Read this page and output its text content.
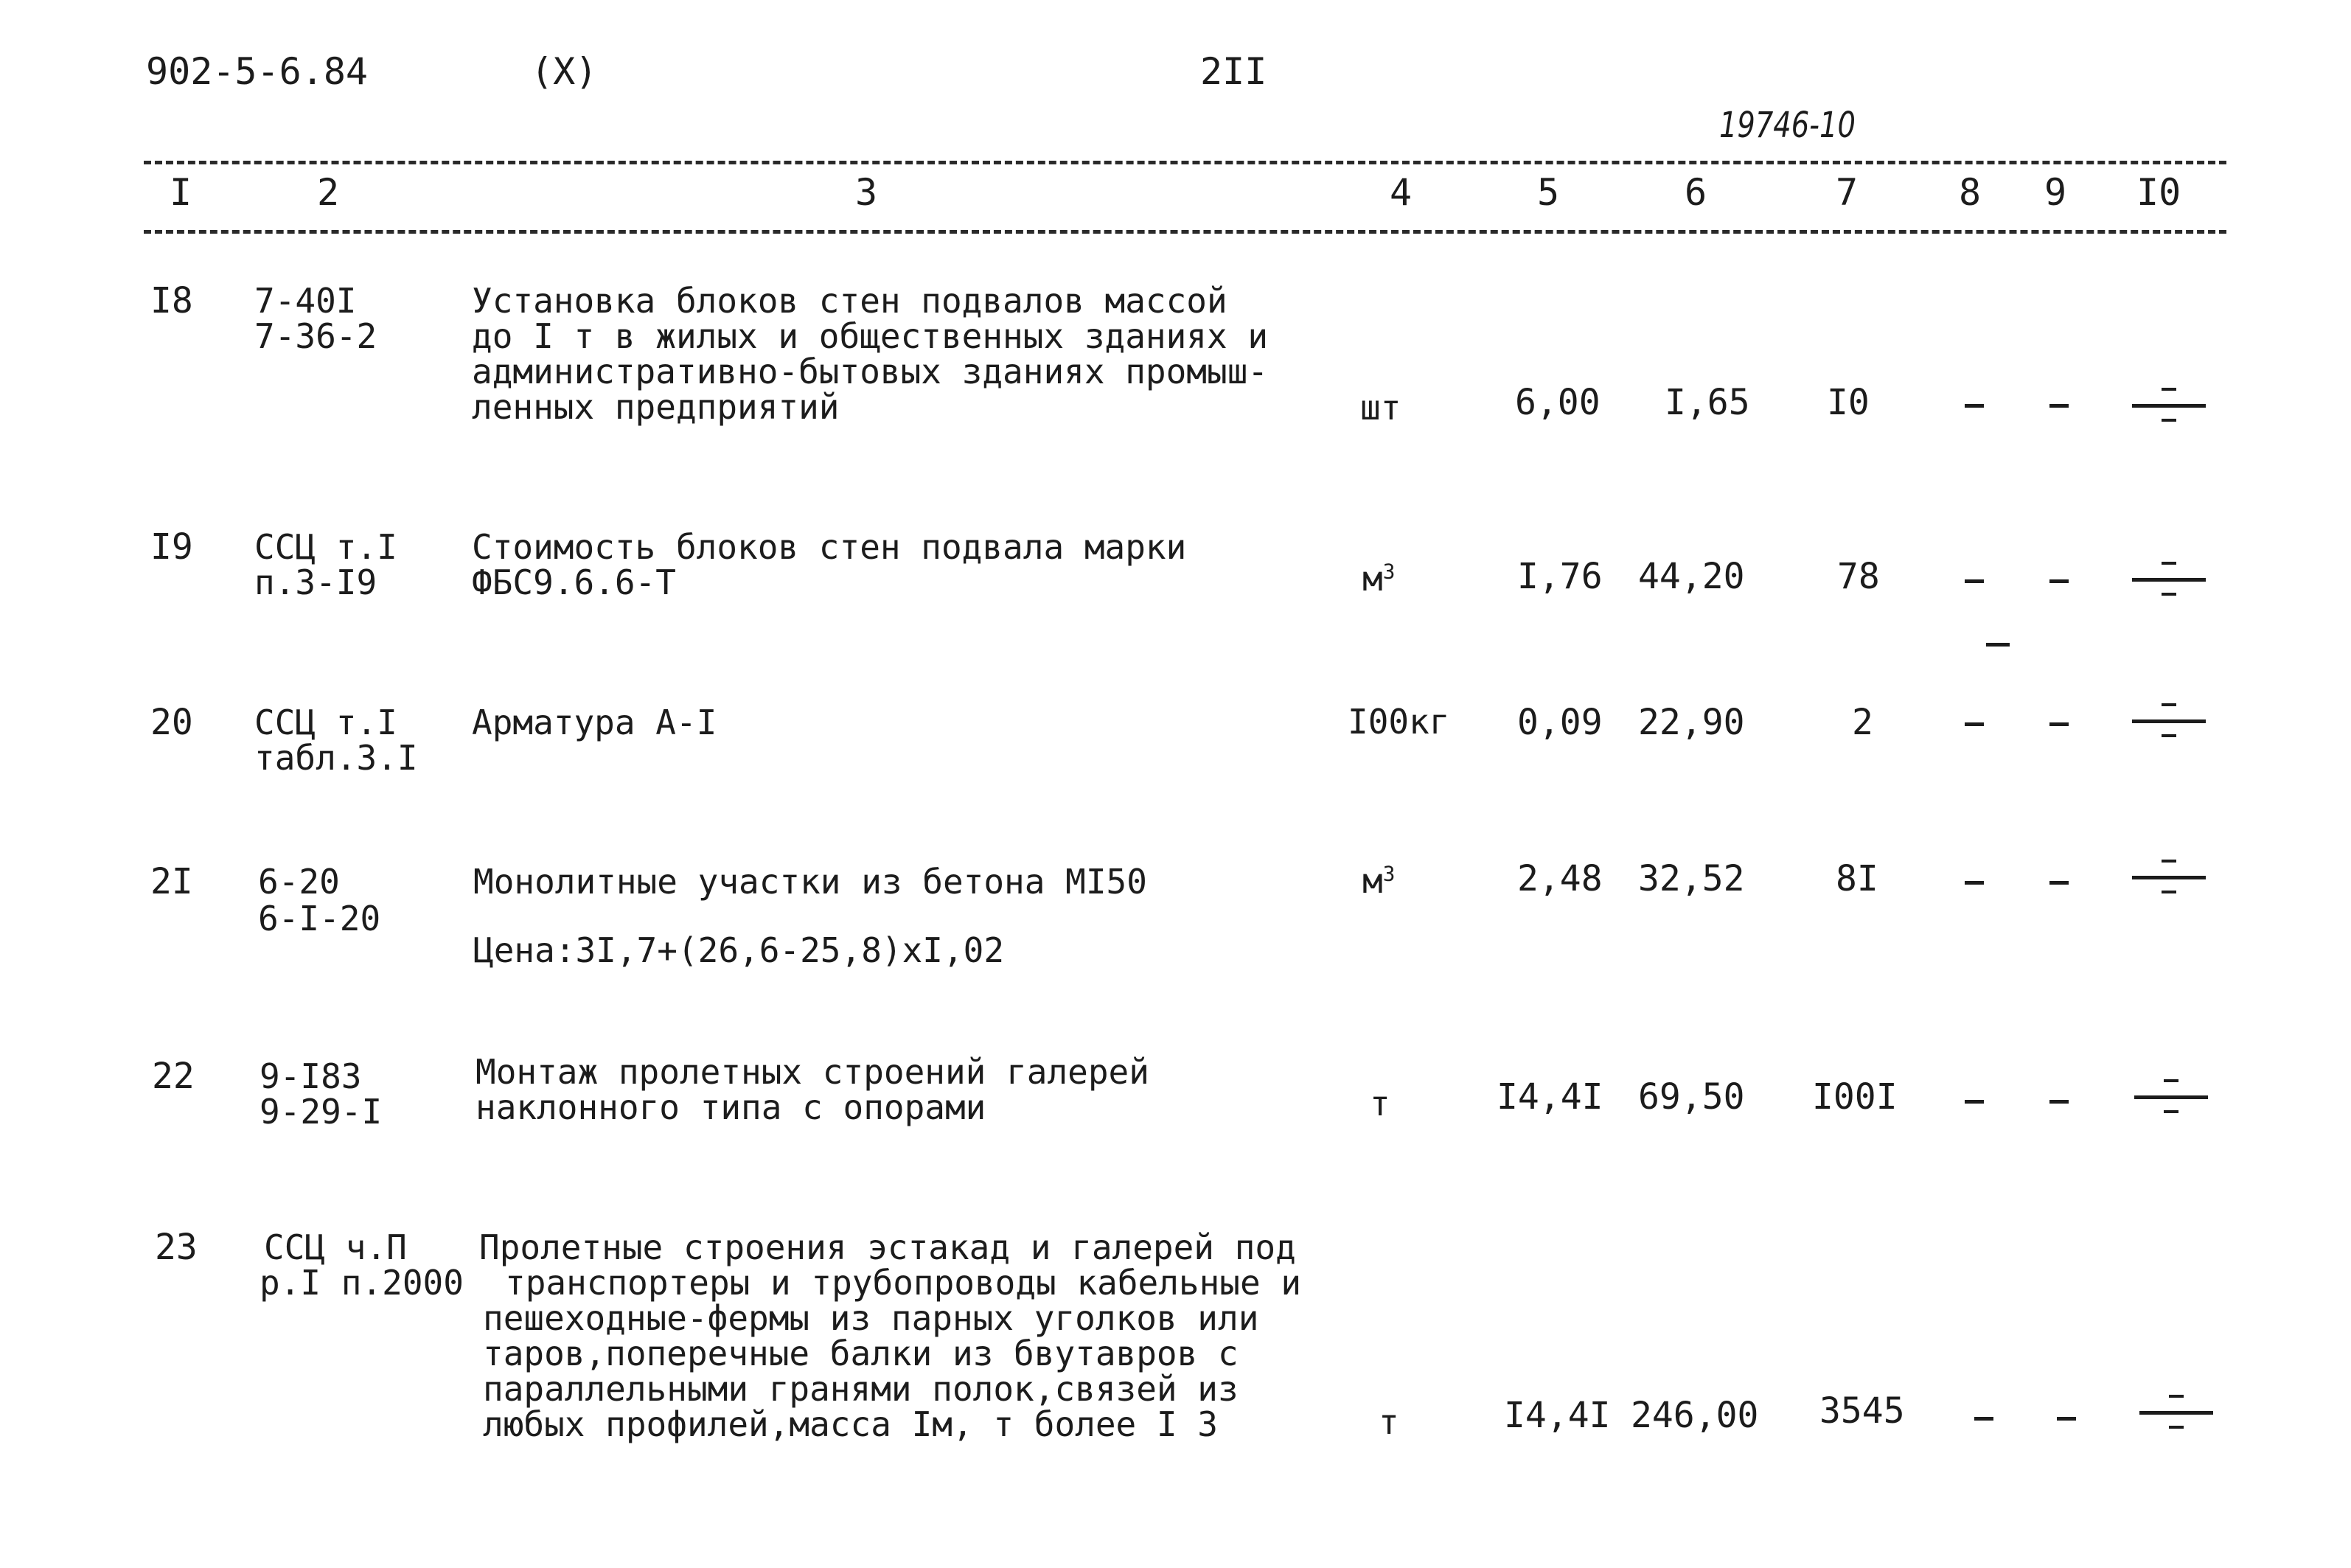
902-5-6.84	(X)	2II
19746-10
I	2	3	4	5	6	7	8 9 I0
I8 7-40I
7-36-2
Установка блоков стен подвалов массой
до I т в жилых и общественных зданиях и
административно-бытовых зданиях промыш-
ленных предприятий	шт	6,00 I,65 I0
I9 ССЦ т.I
п.3-I9
Стоимость блоков стен подвала марки
ФБС9.6.6-Т	$м^3$	I,76 44,20	78
20 ССЦ т.I
табл.3.I
Арматура А-I	I00кг 0,09 22,90	2
2I 6-20
6-I-20
Монолитные участки из бетона МI50
Цена:3I,7+(26,6-25,8)хI,02
$м^3$	2,48 32,52	8I
22 9-I83
9-29-I
Монтаж пролетных строений галерей
наклонного типа с опорами	т	I4,4I 69,50 I00I
23 ССЦ ч.П
р.I п.2000
Пролетные строения эстакад и галерей под
транспортеры и трубопроводы кабельные и
пешеходные-фермы из парных уголков или
таров,поперечные балки из бвутавров с
параллельными гранями полок,связей из
любых профилей,масса Iм, т более I 3	т	I4,4I 246,00 3545
